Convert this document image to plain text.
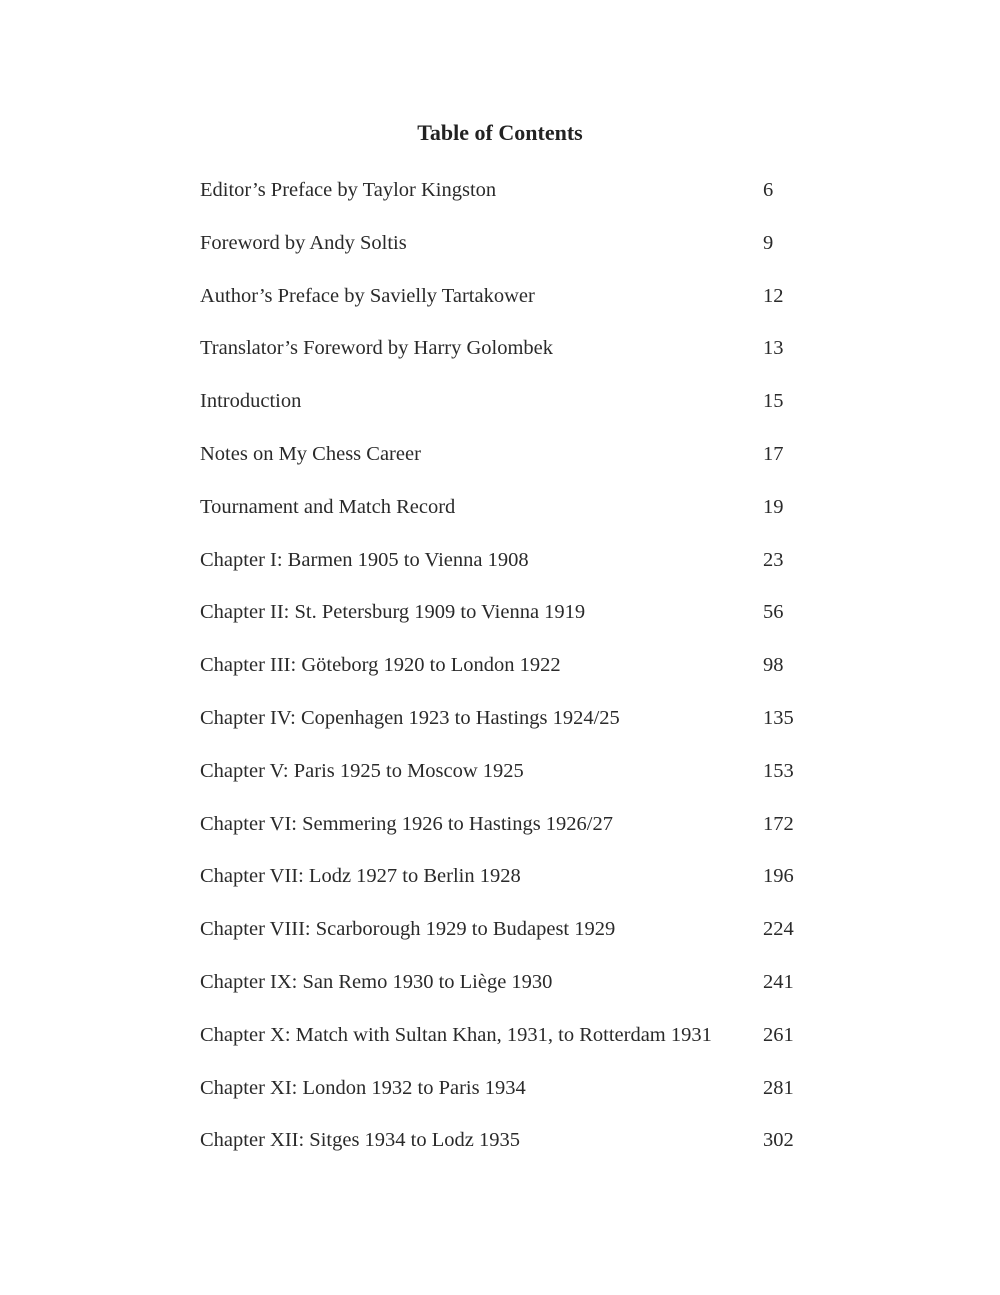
Table of Contents
Editor’s Preface by Taylor Kingston	6
Foreword by Andy Soltis	9
Author’s Preface by Savielly Tartakower	12
Translator’s Foreword by Harry Golombek	13
Introduction	15
Notes on My Chess Career	17
Tournament and Match Record	19
Chapter I: Barmen 1905 to Vienna 1908	23
Chapter II: St. Petersburg 1909 to Vienna 1919	56
Chapter III: Göteborg 1920 to London 1922	98
Chapter IV: Copenhagen 1923 to Hastings 1924/25	135
Chapter V: Paris 1925 to Moscow 1925	153
Chapter VI: Semmering 1926 to Hastings 1926/27	172
Chapter VII: Lodz 1927 to Berlin 1928	196
Chapter VIII: Scarborough 1929 to Budapest 1929	224
Chapter IX: San Remo 1930 to Liège 1930	241
Chapter X: Match with Sultan Khan, 1931, to Rotterdam 1931 261
Chapter XI: London 1932 to Paris 1934	281
Chapter XII: Sitges 1934 to Lodz 1935	302
